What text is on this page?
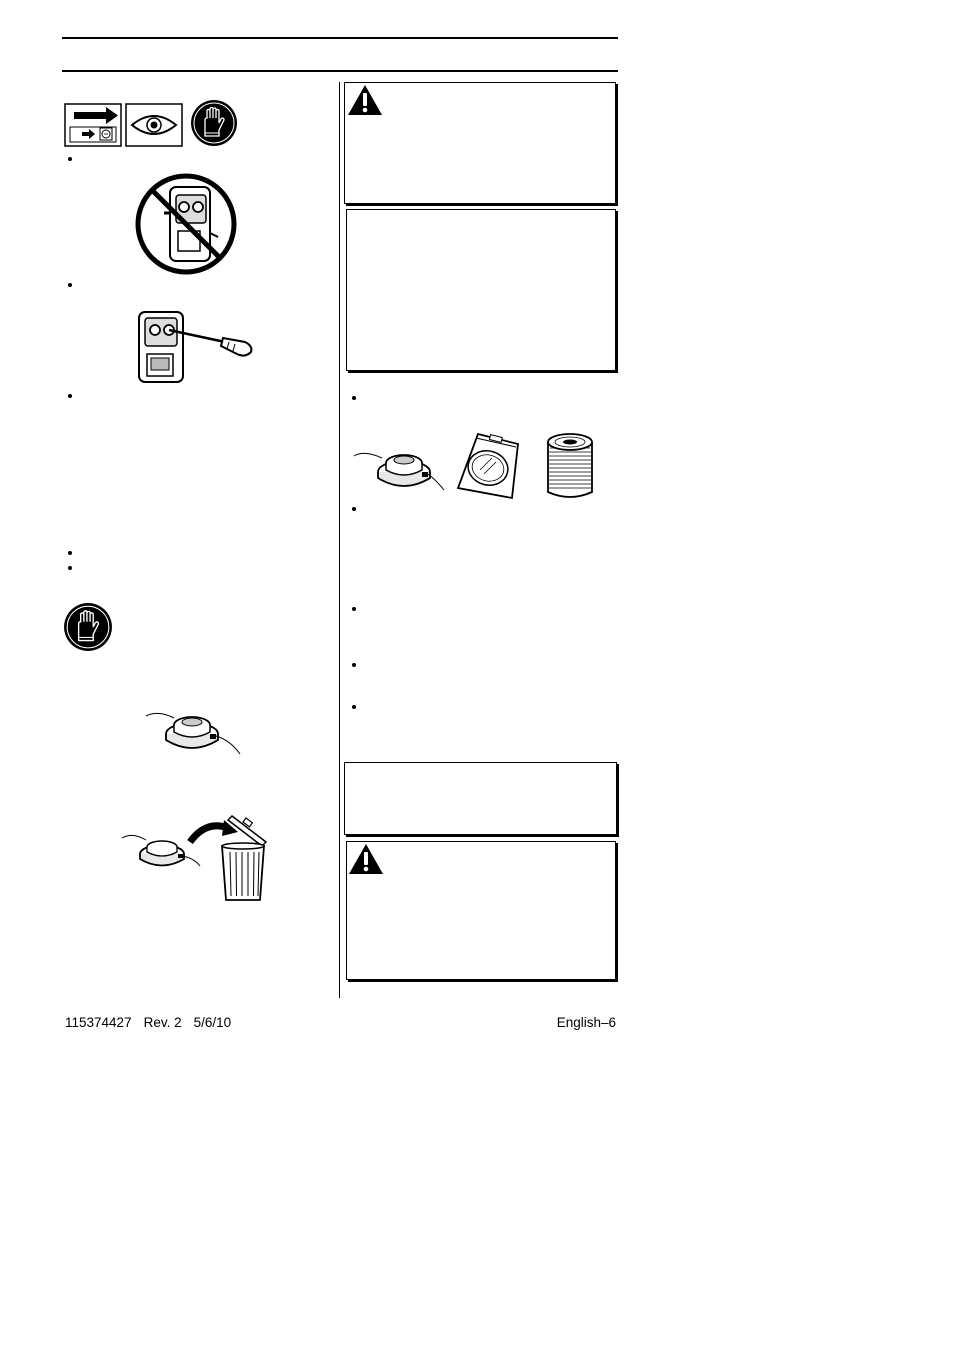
115374427 Rev. 2 5/6/10	English–6
